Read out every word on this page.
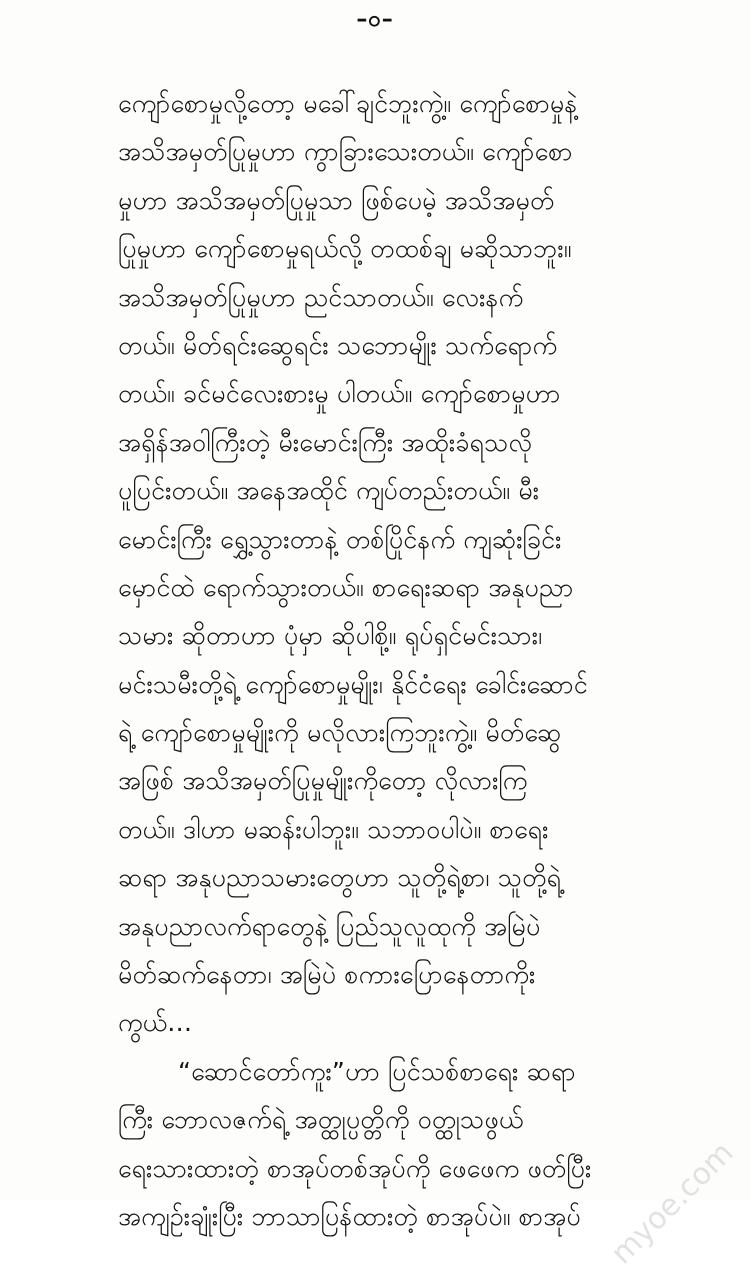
–၀–
ကျော်စောမှုလို့တော့ မခေါ်ချင်ဘူးကွဲ့။ ကျော်စောမှုနဲ့
အသိအမှတ်ပြုမှုဟာ ကွာခြားသေးတယ်။ ကျော်စော
မှုဟာ အသိအမှတ်ပြုမှုသာ ဖြစ်ပေမဲ့ အသိအမှတ်
ပြုမှုဟာ ကျော်စောမှုရယ်လို့ တထစ်ချ မဆိုသာဘူး။
အသိအမှတ်ပြုမှုဟာ ညင်သာတယ်။ လေးနက်
တယ်။ မိတ်ရင်းဆွေရင်း သဘောမျိုး သက်ရောက်
တယ်။ ခင်မင်လေးစားမှု ပါတယ်။ ကျော်စောမှုဟာ
အရှိန်အဝါကြီးတဲ့ မီးမောင်းကြီး အထိုးခံရသလို
ပူပြင်းတယ်။ အနေအထိုင် ကျပ်တည်းတယ်။ မီး
မောင်းကြီး ရွှေ့သွားတာနဲ့ တစ်ပြိုင်နက် ကျဆုံးခြင်း
မှောင်ထဲ ရောက်သွားတယ်။ စာရေးဆရာ အနုပညာ
သမား ဆိုတာဟာ ပုံမှာ ဆိုပါစို့။ ရုပ်ရှင်မင်းသား၊
မင်းသမီးတို့ရဲ့ ကျော်စောမှုမျိုး၊ နိုင်ငံရေး ခေါင်းဆောင်
ရဲ့ ကျော်စောမှုမျိုးကို မလိုလားကြဘူးကွဲ့။ မိတ်ဆွေ
အဖြစ် အသိအမှတ်ပြုမှုမျိုးကိုတော့ လိုလားကြ
တယ်။ ဒါဟာ မဆန်းပါဘူး။ သဘာဝပါပဲ။ စာရေး
ဆရာ အနုပညာသမားတွေဟာ သူတို့ရဲ့စာ၊ သူတို့ရဲ့
အနုပညာလက်ရာတွေနဲ့ ပြည်သူလူထုကို အမြဲပဲ
မိတ်ဆက်နေတာ၊ အမြဲပဲ စကားပြောနေတာကိုး
ကွယ်…
“ဆောင်တော်ကူး”ဟာ ပြင်သစ်စာရေး ဆရာ
ကြီး ဘောလဇက်ရဲ့ အတ္ထုပ္ပတ္တိကို ဝတ္ထုသဖွယ်
ရေးသားထားတဲ့ စာအုပ်တစ်အုပ်ကို ဖေဖေက ဖတ်ပြီး
အကျဉ်းချုံးပြီး ဘာသာပြန်ထားတဲ့ စာအုပ်ပဲ။ စာအုပ် myoe.com
